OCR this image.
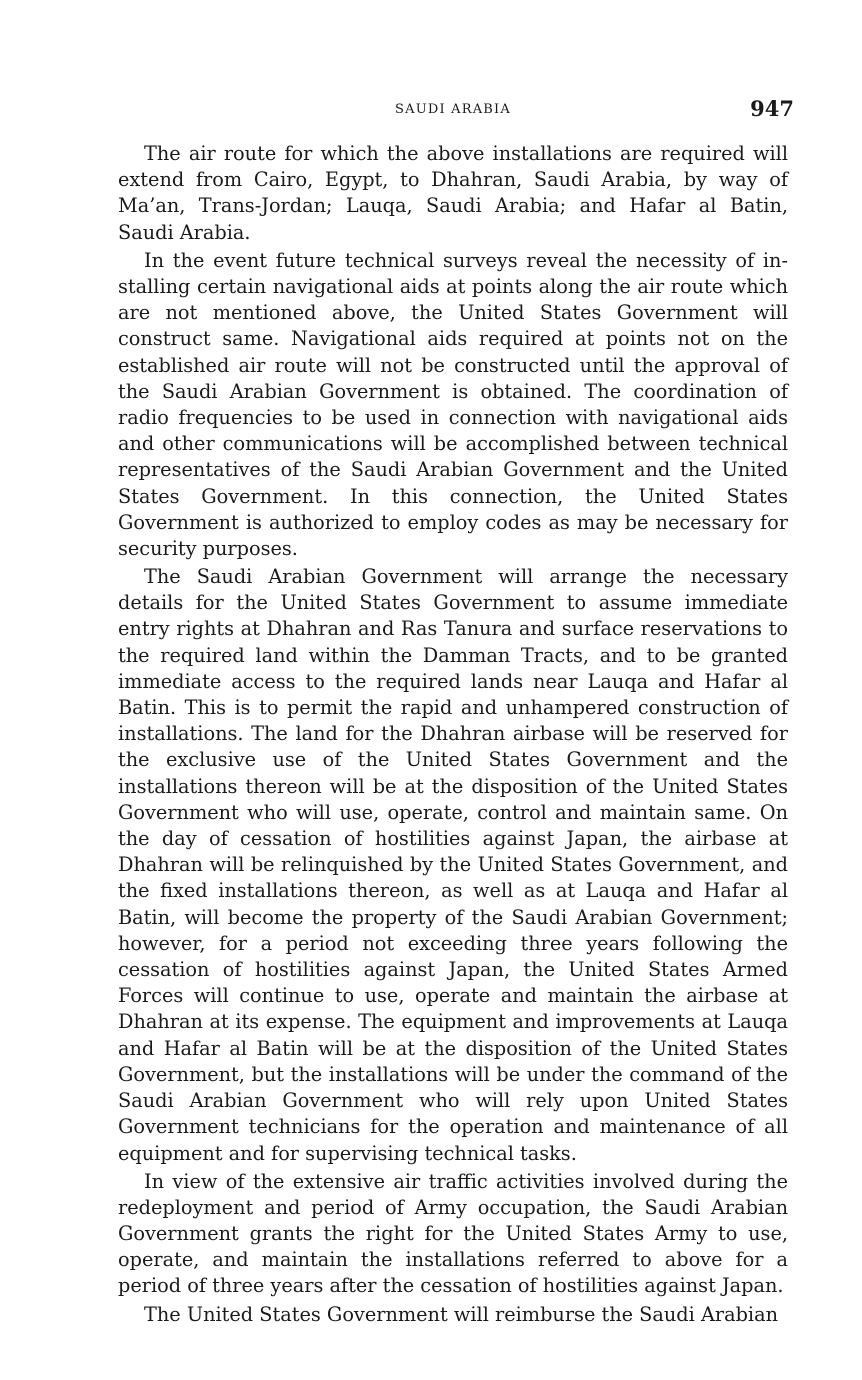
SAUDI ARABIA	947

The air route for which the above installations are required will extend from Cairo, Egypt, to Dhahran, Saudi Arabia, by way of Ma’an, Trans-Jordan; Lauqa, Saudi Arabia; and Hafar al Batin, Saudi Arabia.

In the event future technical surveys reveal the necessity of installing certain navigational aids at points along the air route which are not mentioned above, the United States Government will construct same. Navigational aids required at points not on the established air route will not be constructed until the approval of the Saudi Arabian Government is obtained. The coordination of radio frequencies to be used in connection with navigational aids and other communications will be accomplished between technical representatives of the Saudi Arabian Government and the United States Government. In this connection, the United States Government is authorized to employ codes as may be necessary for security purposes.

The Saudi Arabian Government will arrange the necessary details for the United States Government to assume immediate entry rights at Dhahran and Ras Tanura and surface reservations to the required land within the Damman Tracts, and to be granted immediate access to the required lands near Lauqa and Hafar al Batin. This is to permit the rapid and unhampered construction of installations. The land for the Dhahran airbase will be reserved for the exclusive use of the United States Government and the installations thereon will be at the disposition of the United States Government who will use, operate, control and maintain same. On the day of cessation of hostilities against Japan, the airbase at Dhahran will be relinquished by the United States Government, and the fixed installations thereon, as well as at Lauqa and Hafar al Batin, will become the property of the Saudi Arabian Government; however, for a period not exceeding three years following the cessation of hostilities against Japan, the United States Armed Forces will continue to use, operate and maintain the airbase at Dhahran at its expense. The equipment and improvements at Lauqa and Hafar al Batin will be at the disposition of the United States Government, but the installations will be under the command of the Saudi Arabian Government who will rely upon United States Government technicians for the operation and maintenance of all equipment and for supervising technical tasks.

In view of the extensive air traffic activities involved during the redeployment and period of Army occupation, the Saudi Arabian Government grants the right for the United States Army to use, operate, and maintain the installations referred to above for a period of three years after the cessation of hostilities against Japan.

The United States Government will reimburse the Saudi Arabian
